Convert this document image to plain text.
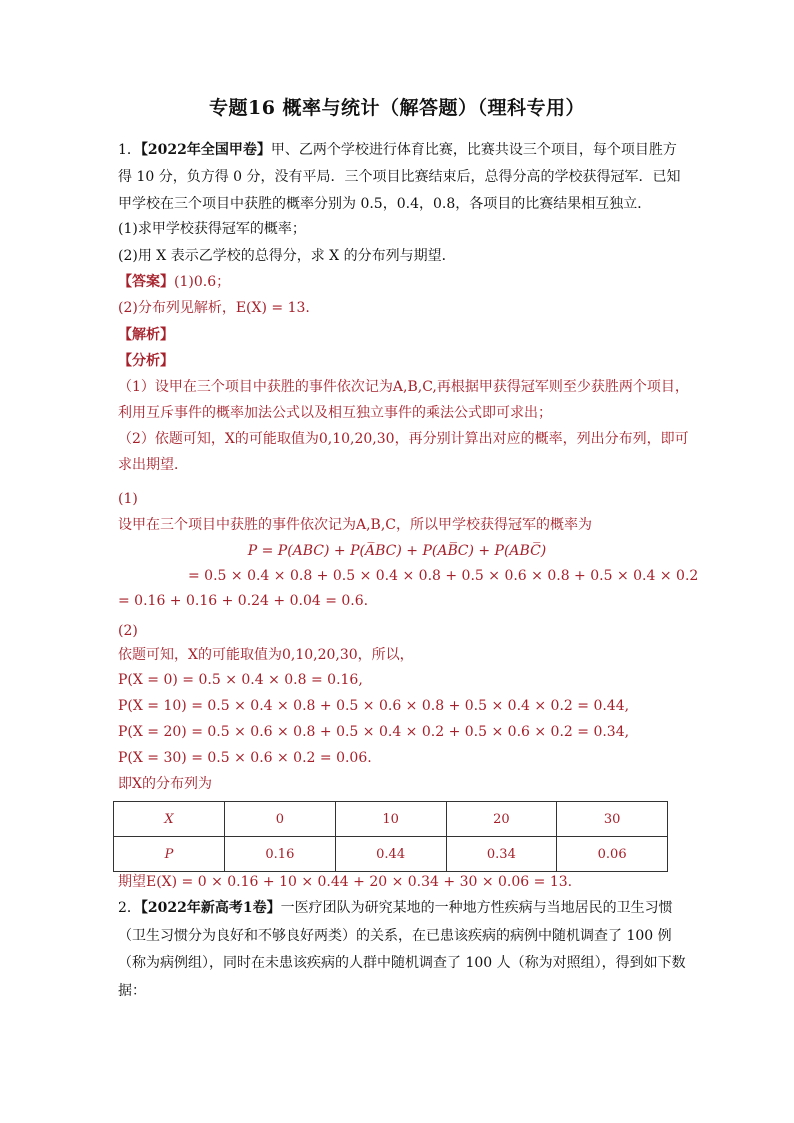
专题16 概率与统计（解答题）（理科专用）
1．【2022年全国甲卷】甲、乙两个学校进行体育比赛，比赛共设三个项目，每个项目胜方
得 10 分，负方得 0 分，没有平局．三个项目比赛结束后，总得分高的学校获得冠军．已知
甲学校在三个项目中获胜的概率分别为 0.5，0.4，0.8，各项目的比赛结果相互独立．
(1)求甲学校获得冠军的概率；
(2)用 X 表示乙学校的总得分，求 X 的分布列与期望．
【答案】(1)0.6；
(2)分布列见解析，E(X) = 13.
【解析】
【分析】
（1）设甲在三个项目中获胜的事件依次记为A,B,C,再根据甲获得冠军则至少获胜两个项目，
利用互斥事件的概率加法公式以及相互独立事件的乘法公式即可求出；
（2）依题可知，X的可能取值为0,10,20,30，再分别计算出对应的概率，列出分布列，即可
求出期望．
(1)
设甲在三个项目中获胜的事件依次记为A,B,C，所以甲学校获得冠军的概率为
P = P(ABC) + P(A̅BC) + P(AB̅C) + P(ABC̅)
= 0.5 × 0.4 × 0.8 + 0.5 × 0.4 × 0.8 + 0.5 × 0.6 × 0.8 + 0.5 × 0.4 × 0.2
= 0.16 + 0.16 + 0.24 + 0.04 = 0.6.
(2)
依题可知，X的可能取值为0,10,20,30，所以，
P(X = 0) = 0.5 × 0.4 × 0.8 = 0.16,
P(X = 10) = 0.5 × 0.4 × 0.8 + 0.5 × 0.6 × 0.8 + 0.5 × 0.4 × 0.2 = 0.44,
P(X = 20) = 0.5 × 0.6 × 0.8 + 0.5 × 0.4 × 0.2 + 0.5 × 0.6 × 0.2 = 0.34,
P(X = 30) = 0.5 × 0.6 × 0.2 = 0.06.
即X的分布列为
X	0	10	20	30
P	0.16	0.44	0.34	0.06
期望E(X) = 0 × 0.16 + 10 × 0.44 + 20 × 0.34 + 30 × 0.06 = 13.
2．【2022年新高考1卷】一医疗团队为研究某地的一种地方性疾病与当地居民的卫生习惯
（卫生习惯分为良好和不够良好两类）的关系，在已患该疾病的病例中随机调查了 100 例
（称为病例组），同时在未患该疾病的人群中随机调查了 100 人（称为对照组），得到如下数
据：
